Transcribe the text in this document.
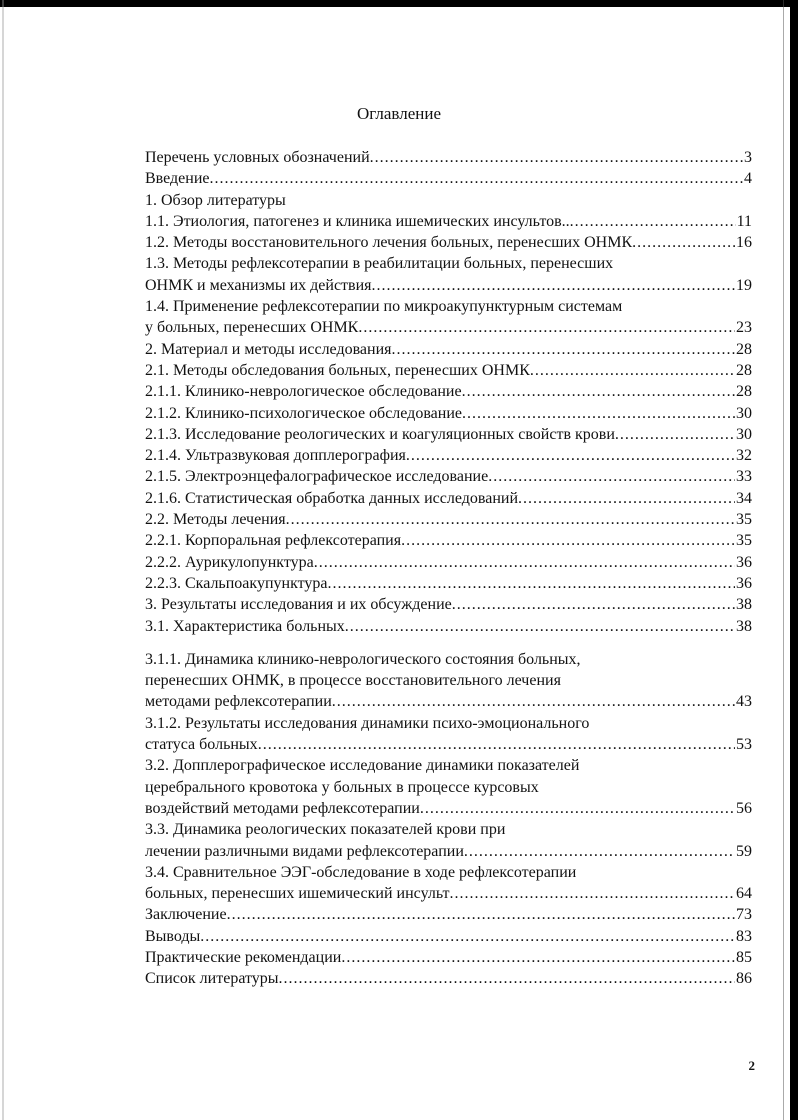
Оглавление
Перечень условных обозначений .....	3
Введение .....	4
1. Обзор литературы
1.1. Этиология, патогенез и клиника ишемических инсультов.. .....	11
1.2. Методы восстановительного лечения больных, перенесших ОНМК .....	16
1.3. Методы рефлексотерапии в реабилитации больных, перенесших
ОНМК и механизмы их действия .....	19
1.4. Применение рефлексотерапии по микроакупунктурным системам
у больных, перенесших ОНМК .....	23
2. Материал и методы исследования .....	28
2.1. Методы обследования больных, перенесших ОНМК .....	28
2.1.1. Клинико-неврологическое обследование .....	28
2.1.2. Клинико-психологическое обследование .....	30
2.1.3. Исследование реологических и коагуляционных свойств крови .....	30
2.1.4. Ультразвуковая допплерография .....	32
2.1.5. Электроэнцефалографическое исследование .....	33
2.1.6. Статистическая обработка данных исследований .....	34
2.2. Методы лечения .....	35
2.2.1. Корпоральная рефлексотерапия .....	35
2.2.2. Аурикулопунктура .....	36
2.2.3. Скальпоакупунктура .....	36
3. Результаты исследования и их обсуждение .....	38
3.1. Характеристика больных .....	38
3.1.1. Динамика клинико-неврологического состояния больных,
перенесших ОНМК, в процессе восстановительного лечения
методами рефлексотерапии .....	43
3.1.2. Результаты исследования динамики психо-эмоционального
статуса больных .....	53
3.2. Допплерографическое исследование динамики показателей
церебрального кровотока у больных в процессе курсовых
воздействий методами рефлексотерапии .....	56
3.3. Динамика реологических показателей крови при
лечении различными видами рефлексотерапии .....	59
3.4. Сравнительное ЭЭГ-обследование в ходе рефлексотерапии
больных, перенесших ишемический инсульт .....	64
Заключение .....	73
Выводы .....	83
Практические рекомендации .....	85
Список литературы .....	86
2
